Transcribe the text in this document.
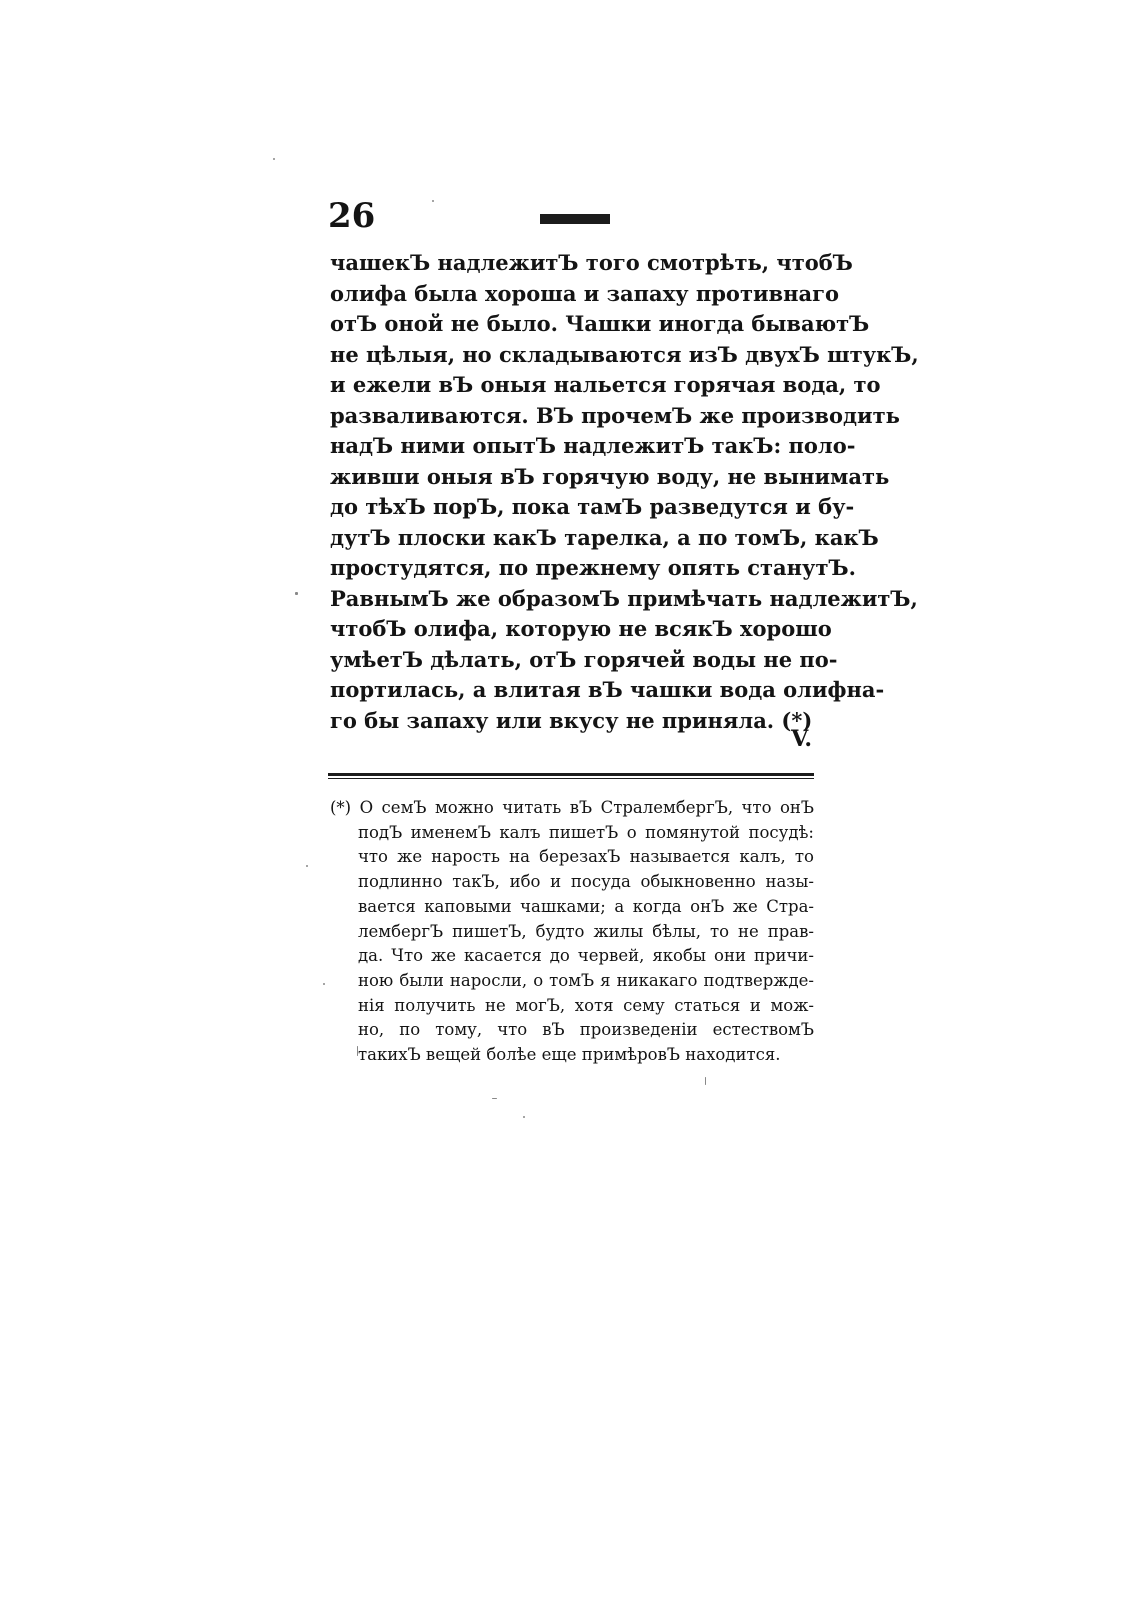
26
чашекЪ надлежитЪ того смотрѣть, чтобЪ
олифа была хороша и запаху противнаго
отЪ оной не было. Чашки иногда бываютЪ
не цѣлыя, но складываются изЪ двухЪ штукЪ,
и ежели вЪ оныя нальется горячая вода, то
разваливаются. ВЪ прочемЪ же производить
надЪ ними опытЪ надлежитЪ такЪ: поло-
живши оныя вЪ горячую воду, не вынимать
до тѣхЪ порЪ, пока тамЪ разведутся и бу-
дутЪ плоски какЪ тарелка, а по томЪ, какЪ
простудятся, по прежнему опять станутЪ.
РавнымЪ же образомЪ примѣчать надлежитЪ,
чтобЪ олифа, которую не всякЪ хорошо
умѣетЪ дѣлать, отЪ горячей воды не по-
портилась, а влитая вЪ чашки вода олифна-
го бы запаху или вкусу не приняла. (*)
V.
(*) О семЪ можно читать вЪ СтралембергЪ, что онЪ
подЪ именемЪ калъ пишетЪ о помянутой посудѣ:
что же нарость на березахЪ называется калъ, то
подлинно такЪ, ибо и посуда обыкновенно назы-
вается каповыми чашками; а когда онЪ же Стра-
лембергЪ пишетЪ, будто жилы бѣлы, то не прав-
да. Что же касается до червей, якобы они причи-
ною были наросли, о томЪ я никакаго подтвержде-
нія получить не могЪ, хотя сему статься и мож-
но, по тому, что вЪ произведеніи естествомЪ
такихЪ вещей болѣе еще примѣровЪ находится.
